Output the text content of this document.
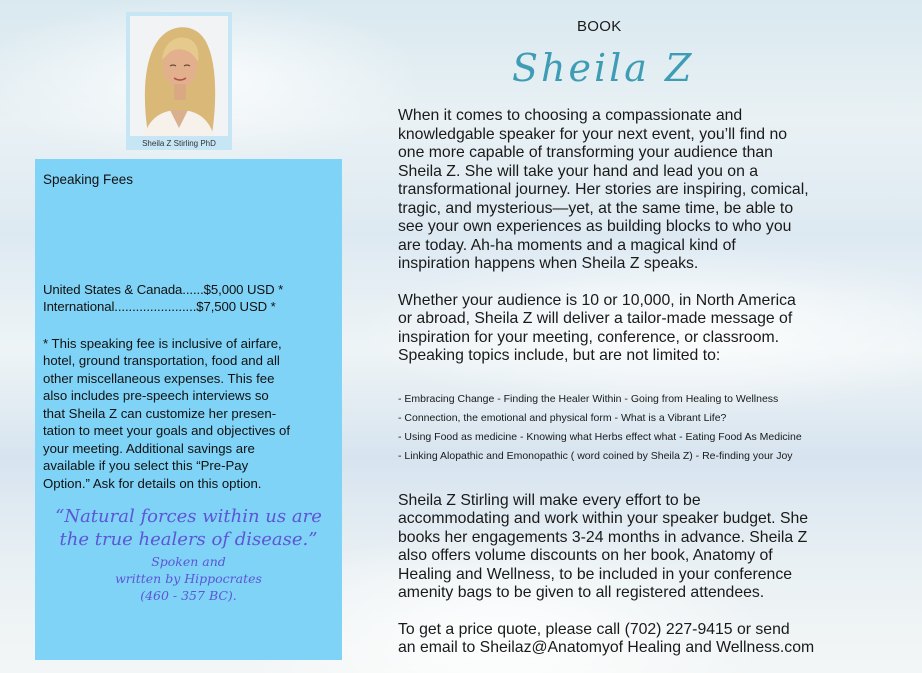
Sheila Z Stirling PhD
Speaking Fees
United States & Canada......$5,000 USD *
International.......................$7,500 USD *
* This speaking fee is inclusive of airfare,
hotel, ground transportation, food and all
other miscellaneous expenses. This fee
also includes pre-speech interviews so
that Sheila Z can customize her presen-
tation to meet your goals and objectives of
your meeting. Additional savings are
available if you select this “Pre-Pay
Option.” Ask for details on this option.
“Natural forces within us are the true healers of disease.”
Spoken and
written by Hippocrates
(460 - 357 BC).
BOOK
Sheila Z
When it comes to choosing a compassionate and
knowledgable speaker for your next event, you’ll find no
one more capable of transforming your audience than
Sheila Z. She will take your hand and lead you on a
transformational journey. Her stories are inspiring, comical,
tragic, and mysterious—yet, at the same time, be able to
see your own experiences as building blocks to who you
are today. Ah-ha moments and a magical kind of
inspiration happens when Sheila Z speaks.
Whether your audience is 10 or 10,000, in North America
or abroad, Sheila Z will deliver a tailor-made message of
inspiration for your meeting, conference, or classroom.
Speaking topics include, but are not limited to:
- Embracing Change - Finding the Healer Within - Going from Healing to Wellness
- Connection, the emotional and physical form - What is a Vibrant Life?
- Using Food as medicine - Knowing what Herbs effect what - Eating Food As Medicine
- Linking Alopathic and Emonopathic ( word coined by Sheila Z) - Re-finding your Joy
Sheila Z Stirling will make every effort to be
accommodating and work within your speaker budget. She
books her engagements 3-24 months in advance. Sheila Z
also offers volume discounts on her book, Anatomy of
Healing and Wellness, to be included in your conference
amenity bags to be given to all registered attendees.
To get a price quote, please call (702) 227-9415 or send
an email to Sheilaz@Anatomyof Healing and Wellness.com
